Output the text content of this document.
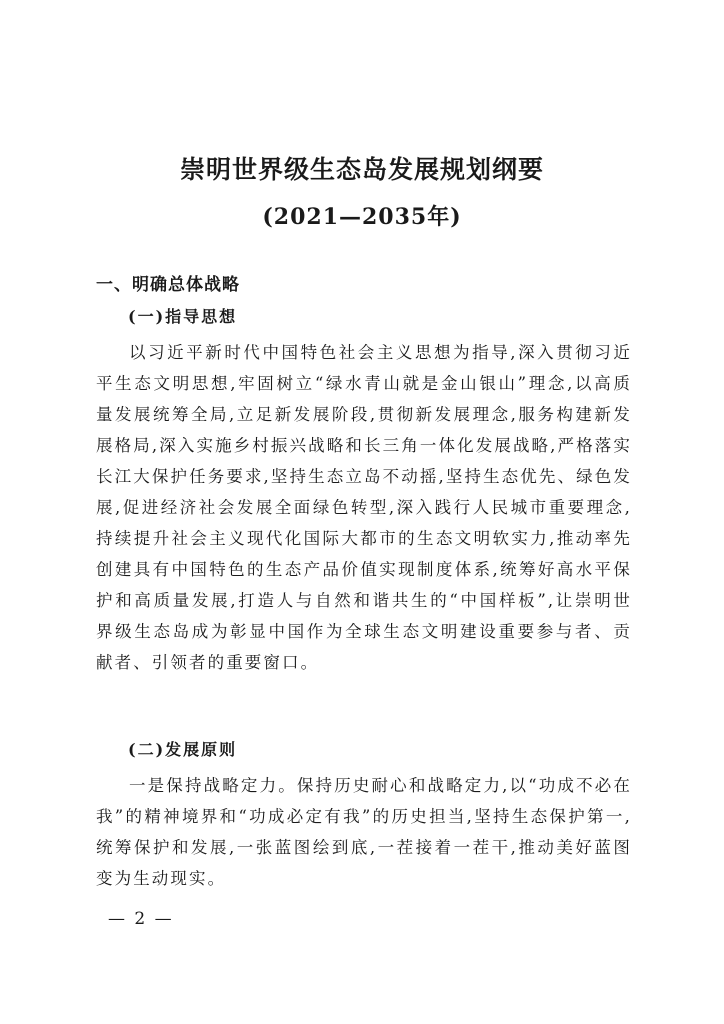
崇明世界级生态岛发展规划纲要
(2021—2035年)
一、明确总体战略
(一)指导思想

以习近平新时代中国特色社会主义思想为指导,深入贯彻习近平生态文明思想,牢固树立“绿水青山就是金山银山”理念,以高质量发展统筹全局,立足新发展阶段,贯彻新发展理念,服务构建新发展格局,深入实施乡村振兴战略和长三角一体化发展战略,严格落实长江大保护任务要求,坚持生态立岛不动摇,坚持生态优先、绿色发展,促进经济社会发展全面绿色转型,深入践行人民城市重要理念,持续提升社会主义现代化国际大都市的生态文明软实力,推动率先创建具有中国特色的生态产品价值实现制度体系,统筹好高水平保护和高质量发展,打造人与自然和谐共生的“中国样板”,让崇明世界级生态岛成为彰显中国作为全球生态文明建设重要参与者、贡献者、引领者的重要窗口。

(二)发展原则

一是保持战略定力。保持历史耐心和战略定力,以“功成不必在我”的精神境界和“功成必定有我”的历史担当,坚持生态保护第一,统筹保护和发展,一张蓝图绘到底,一茬接着一茬干,推动美好蓝图变为生动现实。

— 2 —
